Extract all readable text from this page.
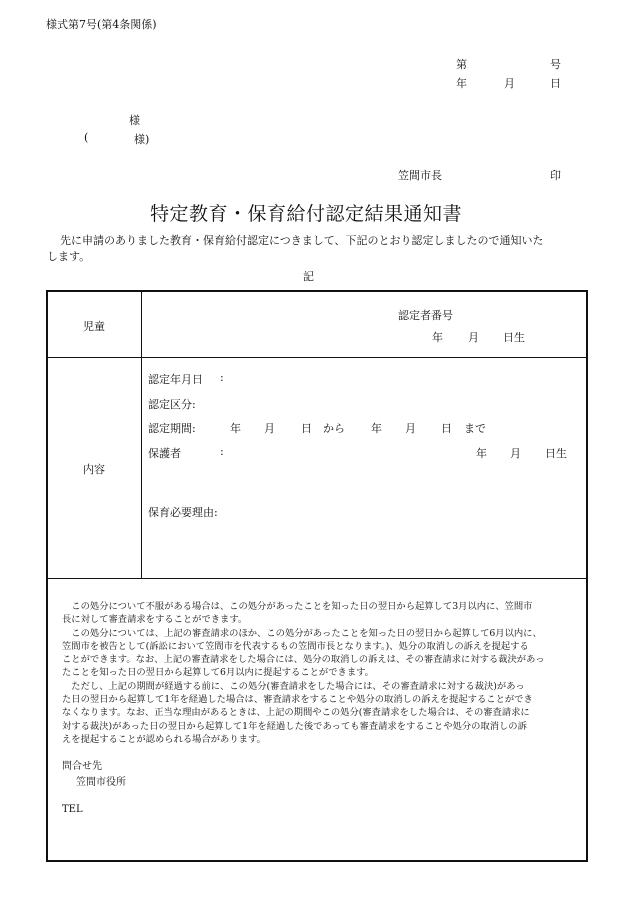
様式第7号(第4条関係)
第	号
年	月	日
様
(	様)
笠間市長	印
特定教育・保育給付認定結果通知書
先に申請のありました教育・保育給付認定につきまして、下記のとおり認定しましたので通知いた
します。
記
児童
認定者番号
年 月 日生
内容
認定年月日 :
認定区分:
認定期間:	年 月 日 から 年 月 日 まで
保護者	:	年 月 日生
保育必要理由:

この処分について不服がある場合は、この処分があったことを知った日の翌日から起算して3月以内に、笠間市

長に対して審査請求をすることができます。

この処分については、上記の審査請求のほか、この処分があったことを知った日の翌日から起算して6月以内に、

笠間市を被告として(訴訟において笠間市を代表するもの笠間市長となります。)、処分の取消しの訴えを提起する

ことができます。なお、上記の審査請求をした場合には、処分の取消しの訴えは、その審査請求に対する裁決があっ

たことを知った日の翌日から起算して6月以内に提起することができます。

ただし、上記の期間が経過する前に、この処分(審査請求をした場合には、その審査請求に対する裁決)があっ

た日の翌日から起算して1年を経過した場合は、審査請求をすることや処分の取消しの訴えを提起することができ

なくなります。なお、正当な理由があるときは、上記の期間やこの処分(審査請求をした場合は、その審査請求に

対する裁決)があった日の翌日から起算して1年を経過した後であっても審査請求をすることや処分の取消しの訴

えを提起することが認められる場合があります。

問合せ先
笠間市役所
TEL
